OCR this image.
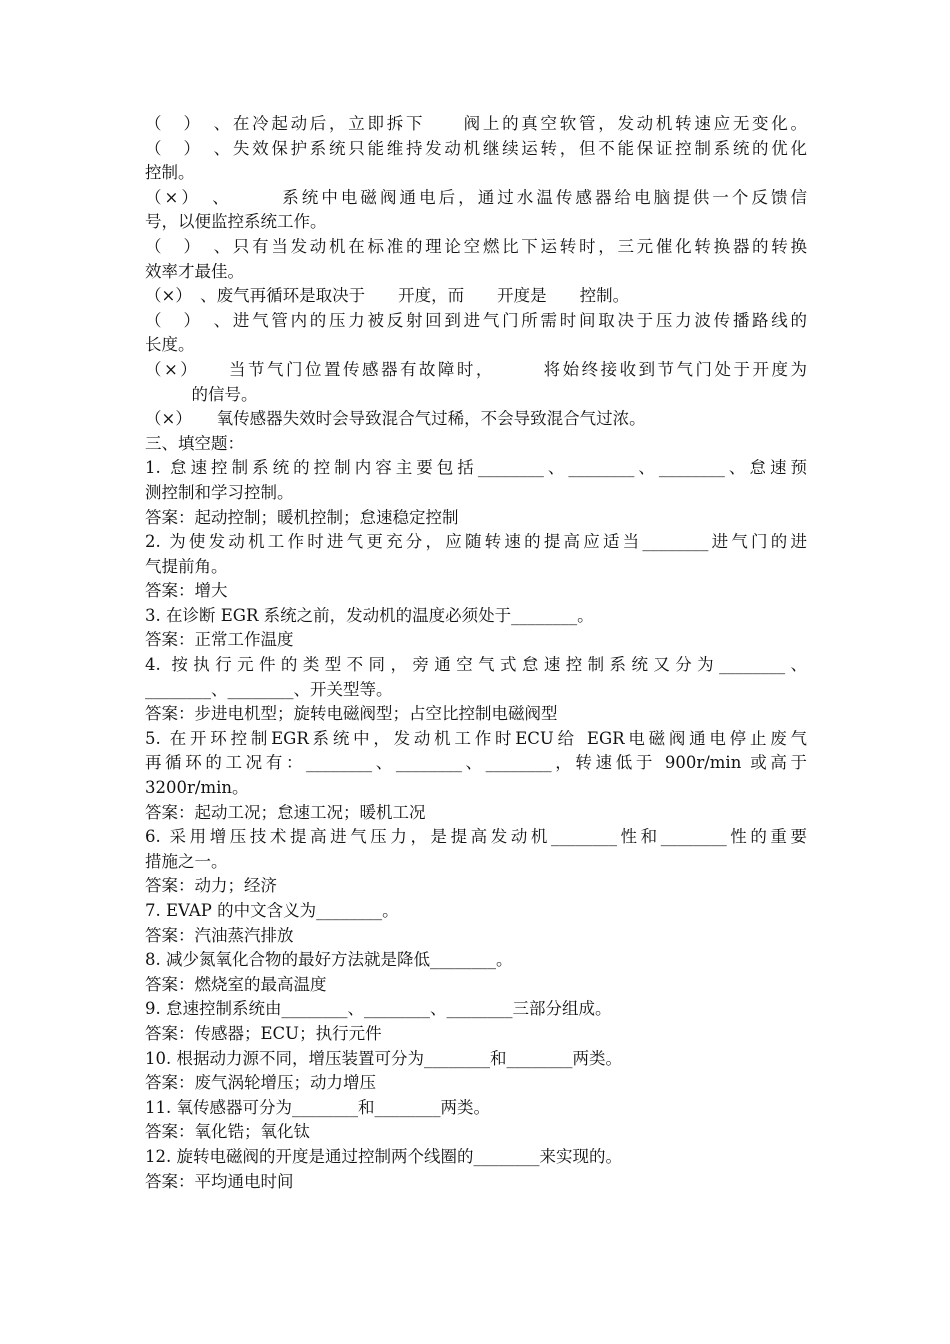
（　）　、在冷起动后，立即拆下　　阀上的真空软管，发动机转速应无变化。
（　）　、失效保护系统只能维持发动机继续运转，但不能保证控制系统的优化
控制。
（×）　、　　　系统中电磁阀通电后，通过水温传感器给电脑提供一个反馈信
号，以便监控系统工作。
（　）　、只有当发动机在标准的理论空燃比下运转时，三元催化转换器的转换
效率才最佳。
（×）　、废气再循环是取决于　　开度，而　　开度是　　控制。
（　）　、进气管内的压力被反射回到进气门所需时间取决于压力波传播路线的
长度。
（×）　　当节气门位置传感器有故障时，　　　将始终接收到节气门处于开度为
　的信号。
（×）　　氧传感器失效时会导致混合气过稀，不会导致混合气过浓。
三、填空题：
1. 怠速控制系统的控制内容主要包括________、________、________、怠速预
测控制和学习控制。
答案：起动控制；暖机控制；怠速稳定控制
2. 为使发动机工作时进气更充分，应随转速的提高应适当________进气门的进
气提前角。
答案：增大
3. 在诊断 EGR 系统之前，发动机的温度必须处于________。
答案：正常工作温度
4. 按执行元件的类型不同，旁通空气式怠速控制系统又分为________、
________、________、开关型等。
答案：步进电机型；旋转电磁阀型；占空比控制电磁阀型
5. 在开环控制EGR系统中，发动机工作时ECU给 EGR电磁阀通电停止废气
再循环的工况有：________、________、________，转速低于 900r/min 或高于
3200r/min。
答案：起动工况；怠速工况；暖机工况
6. 采用增压技术提高进气压力，是提高发动机________性和________性的重要
措施之一。
答案：动力；经济
7. EVAP 的中文含义为________。
答案：汽油蒸汽排放
8. 减少氮氧化合物的最好方法就是降低________。
答案：燃烧室的最高温度
9. 怠速控制系统由________、________、________三部分组成。
答案：传感器；ECU；执行元件
10. 根据动力源不同，增压装置可分为________和________两类。
答案：废气涡轮增压；动力增压
11. 氧传感器可分为________和________两类。
答案：氧化锆；氧化钛
12. 旋转电磁阀的开度是通过控制两个线圈的________来实现的。
答案：平均通电时间
